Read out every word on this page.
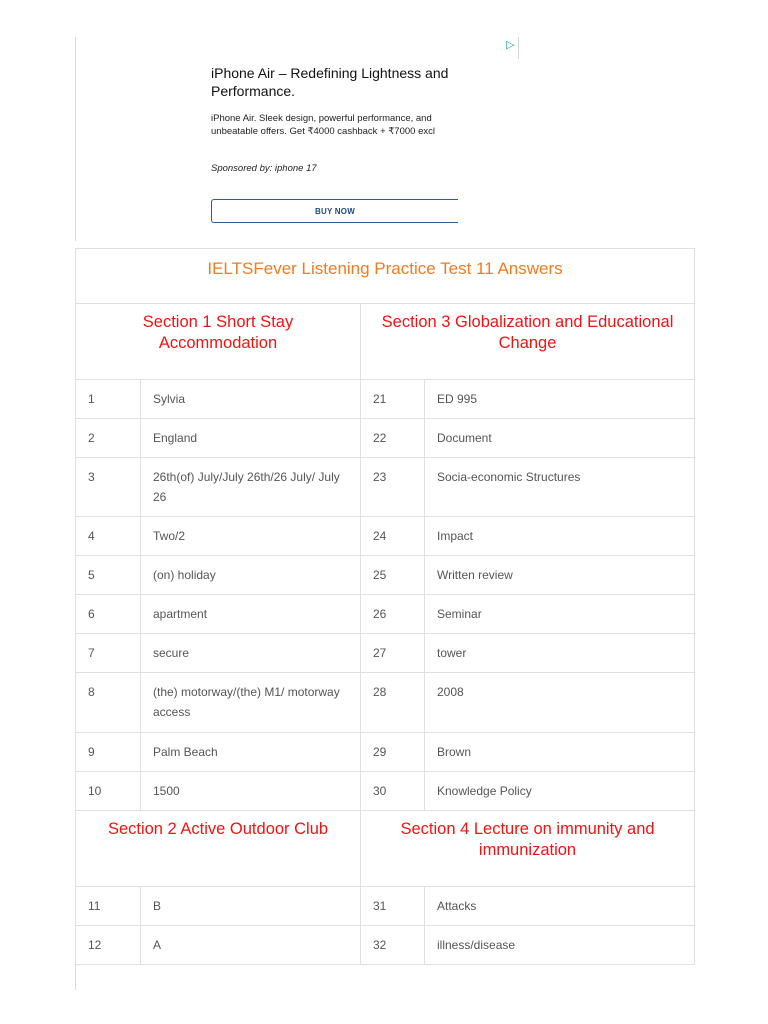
▷
iPhone Air – Redefining Lightness and Performance.
iPhone Air. Sleek design, powerful performance, and unbeatable offers. Get ₹4000 cashback + ₹7000 excl
Sponsored by: iphone 17
BUY NOW
IELTSFever Listening Practice Test 11 Answers			
Section 1 Short Stay Accommodation		Section 3 Globalization and Educational Change	
1	Sylvia	21	ED 995
2	England	22	Document
3	26th(of) July/July 26th/26 July/ July 26	23	Socia-economic Structures
4	Two/2	24	Impact
5	(on) holiday	25	Written review
6	apartment	26	Seminar
7	secure	27	tower
8	(the) motorway/(the) M1/ motorway access	28	2008
9	Palm Beach	29	Brown
10	1500	30	Knowledge Policy
Section 2 Active Outdoor Club		Section 4 Lecture on immunity and immunization	
11	B	31	Attacks
12	A	32	illness/disease
